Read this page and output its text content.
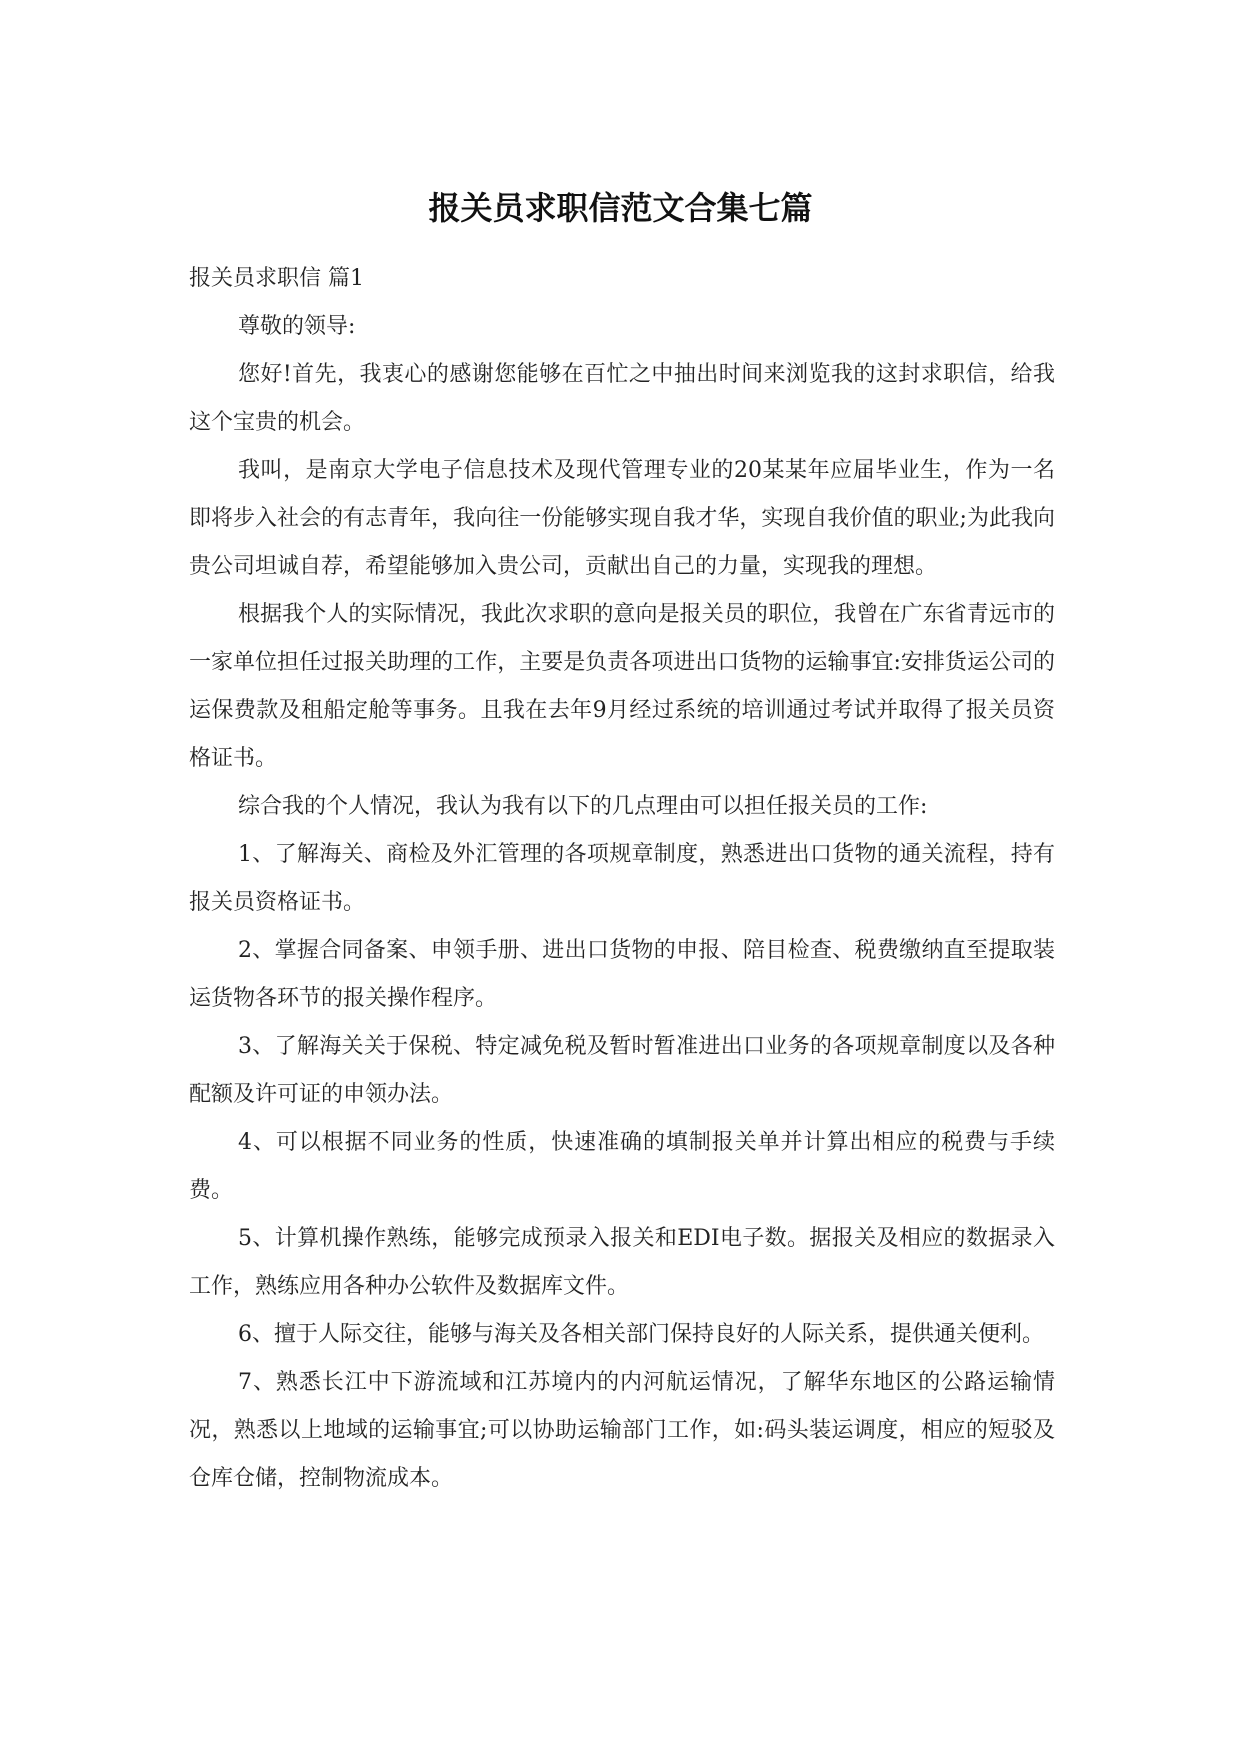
报关员求职信范文合集七篇

报关员求职信 篇1

尊敬的领导:

您好!首先，我衷心的感谢您能够在百忙之中抽出时间来浏览我的这封求职信，给我这个宝贵的机会。

我叫，是南京大学电子信息技术及现代管理专业的20某某年应届毕业生，作为一名即将步入社会的有志青年，我向往一份能够实现自我才华，实现自我价值的职业;为此我向贵公司坦诚自荐，希望能够加入贵公司，贡献出自己的力量，实现我的理想。

根据我个人的实际情况，我此次求职的意向是报关员的职位，我曾在广东省青远市的一家单位担任过报关助理的工作，主要是负责各项进出口货物的运输事宜:安排货运公司的运保费款及租船定舱等事务。且我在去年9月经过系统的培训通过考试并取得了报关员资格证书。

综合我的个人情况，我认为我有以下的几点理由可以担任报关员的工作:

1、了解海关、商检及外汇管理的各项规章制度，熟悉进出口货物的通关流程，持有报关员资格证书。

2、掌握合同备案、申领手册、进出口货物的申报、陪目检查、税费缴纳直至提取装运货物各环节的报关操作程序。

3、了解海关关于保税、特定减免税及暂时暂准进出口业务的各项规章制度以及各种配额及许可证的申领办法。

4、可以根据不同业务的性质，快速准确的填制报关单并计算出相应的税费与手续费。

5、计算机操作熟练，能够完成预录入报关和EDI电子数。据报关及相应的数据录入工作，熟练应用各种办公软件及数据库文件。

6、擅于人际交往，能够与海关及各相关部门保持良好的人际关系，提供通关便利。

7、熟悉长江中下游流域和江苏境内的内河航运情况，了解华东地区的公路运输情况，熟悉以上地域的运输事宜;可以协助运输部门工作，如:码头装运调度，相应的短驳及仓库仓储，控制物流成本。
